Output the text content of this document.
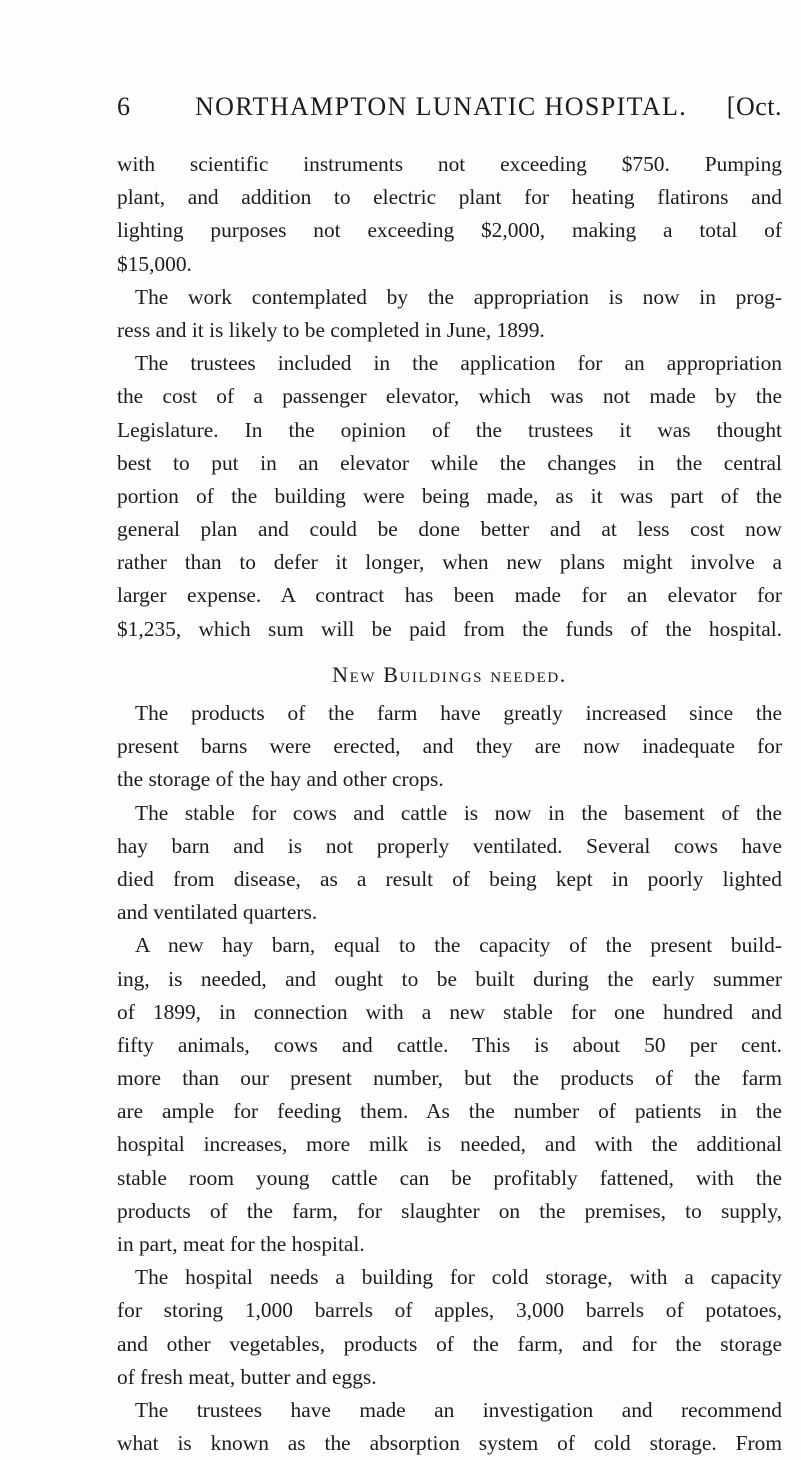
6 NORTHAMPTON LUNATIC HOSPITAL. [Oct.
with scientific instruments not exceeding $750. Pumping
plant, and addition to electric plant for heating flatirons and
lighting purposes not exceeding $2,000, making a total of
$15,000.
The work contemplated by the appropriation is now in prog-
ress and it is likely to be completed in June, 1899.
The trustees included in the application for an appropriation
the cost of a passenger elevator, which was not made by the
Legislature. In the opinion of the trustees it was thought
best to put in an elevator while the changes in the central
portion of the building were being made, as it was part of the
general plan and could be done better and at less cost now
rather than to defer it longer, when new plans might involve a
larger expense. A contract has been made for an elevator for
$1,235, which sum will be paid from the funds of the hospital.
New Buildings needed.
The products of the farm have greatly increased since the
present barns were erected, and they are now inadequate for
the storage of the hay and other crops.
The stable for cows and cattle is now in the basement of the
hay barn and is not properly ventilated. Several cows have
died from disease, as a result of being kept in poorly lighted
and ventilated quarters.
A new hay barn, equal to the capacity of the present build-
ing, is needed, and ought to be built during the early summer
of 1899, in connection with a new stable for one hundred and
fifty animals, cows and cattle. This is about 50 per cent.
more than our present number, but the products of the farm
are ample for feeding them. As the number of patients in the
hospital increases, more milk is needed, and with the additional
stable room young cattle can be profitably fattened, with the
products of the farm, for slaughter on the premises, to supply,
in part, meat for the hospital.
The hospital needs a building for cold storage, with a capacity
for storing 1,000 barrels of apples, 3,000 barrels of potatoes,
and other vegetables, products of the farm, and for the storage
of fresh meat, butter and eggs.
The trustees have made an investigation and recommend
what is known as the absorption system of cold storage. From
